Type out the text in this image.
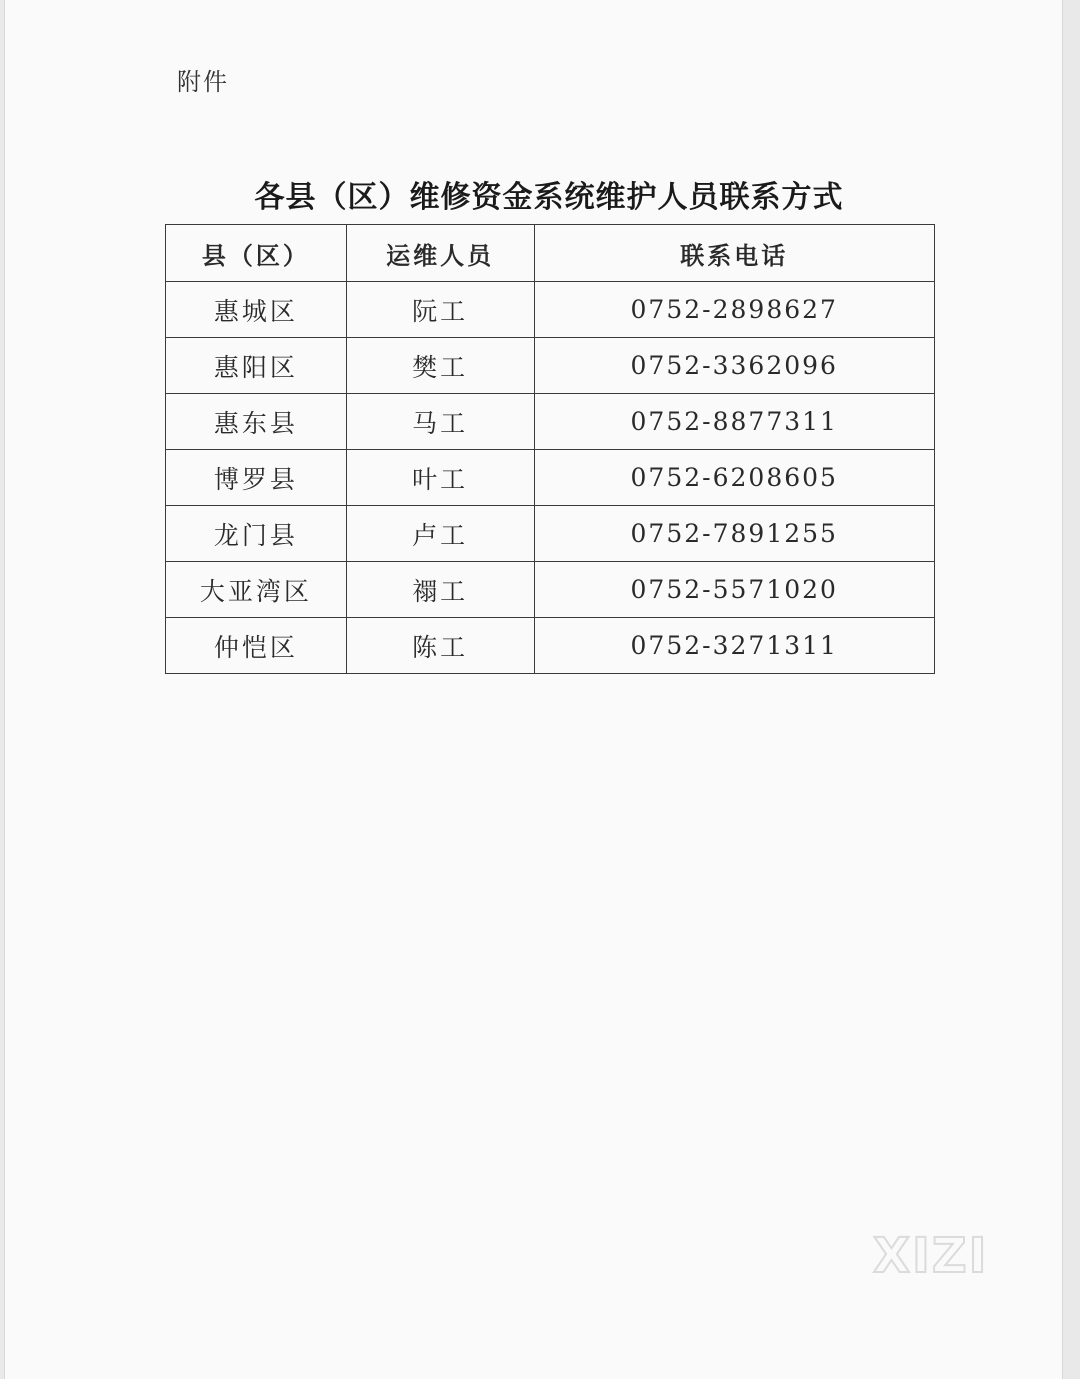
附件
各县（区）维修资金系统维护人员联系方式
县（区）	运维人员	联系电话
惠城区	阮工	0752-2898627
惠阳区	樊工	0752-3362096
惠东县	马工	0752-8877311
博罗县	叶工	0752-6208605
龙门县	卢工	0752-7891255
大亚湾区	禤工	0752-5571020
仲恺区	陈工	0752-3271311
XIZI
